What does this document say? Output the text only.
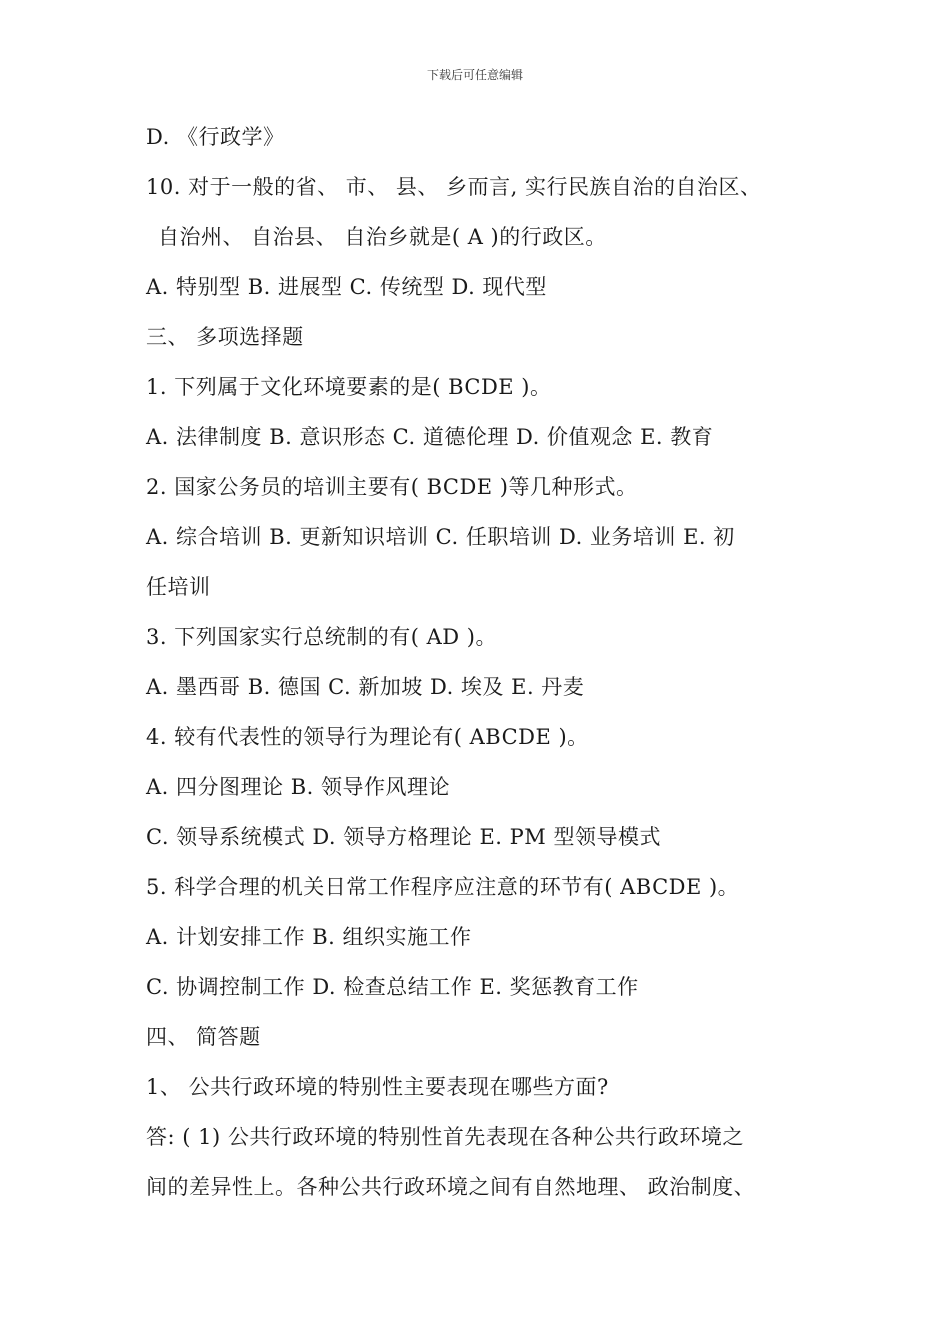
下载后可任意编辑
D. 《行政学》
10. 对于一般的省、 市、 县、 乡而言, 实行民族自治的自治区、
自治州、 自治县、 自治乡就是( A )的行政区。
A. 特别型 B. 进展型 C. 传统型 D. 现代型
三、 多项选择题
1. 下列属于文化环境要素的是( BCDE )。
A. 法律制度 B. 意识形态 C. 道德伦理 D. 价值观念 E. 教育
2. 国家公务员的培训主要有( BCDE )等几种形式。
A. 综合培训 B. 更新知识培训 C. 任职培训 D. 业务培训 E. 初
任培训
3. 下列国家实行总统制的有( AD )。
A. 墨西哥 B. 德国 C. 新加坡 D. 埃及 E. 丹麦
4. 较有代表性的领导行为理论有( ABCDE )。
A. 四分图理论 B. 领导作风理论
C. 领导系统模式 D. 领导方格理论 E. PM 型领导模式
5. 科学合理的机关日常工作程序应注意的环节有( ABCDE )。
A. 计划安排工作 B. 组织实施工作
C. 协调控制工作 D. 检查总结工作 E. 奖惩教育工作
四、 简答题
1、 公共行政环境的特别性主要表现在哪些方面?
答: ( 1) 公共行政环境的特别性首先表现在各种公共行政环境之
间的差异性上。各种公共行政环境之间有自然地理、 政治制度、
